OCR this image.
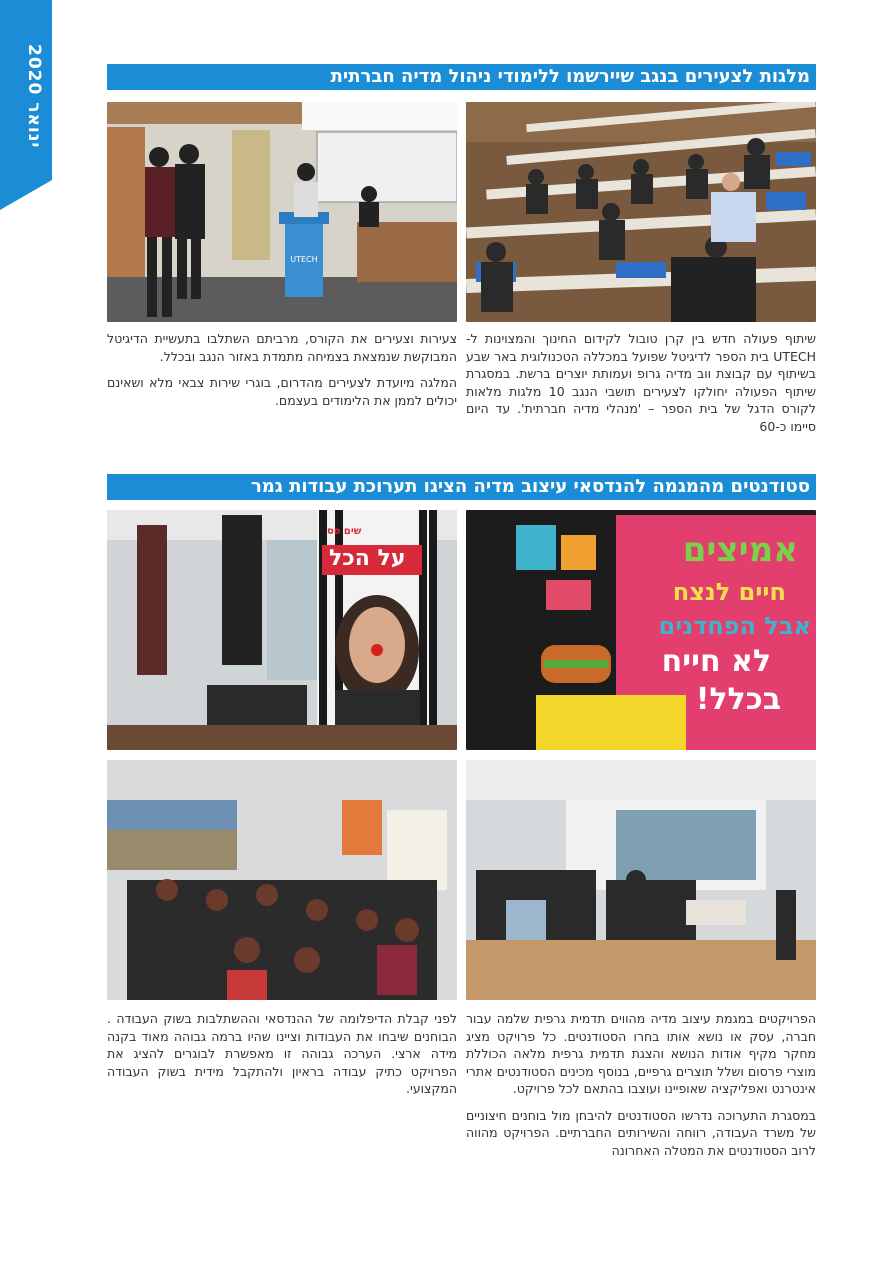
ינואר 2020
מלגות לצעירים בנגב שיירשמו ללימודי ניהול מדיה חברתית
UTECH

שיתוף פעולה חדש בין קרן טובול לקידום החינוך והמצוינות ל-UTECH בית הספר לדיגיטל שפועל במכללה הטכנולוגית באר שבע בשיתוף עם קבוצת ווב מדיה גרופ ועמותת יוצרים ברשת. במסגרת שיתוף הפעולה יחולקו לצעירים תושבי הנגב 10 מלגות מלאות לקורס הדגל של בית הספר – 'מנהלי מדיה חברתית'. עד היום סיימו כ-60

צעירות וצעירים את הקורס, מרביתם השתלבו בתעשיית הדיגיטל המבוקשת שנמצאת בצמיחה מתמדת באזור הנגב ובכלל.

המלגה מיועדת לצעירים מהדרום, בוגרי שירות צבאי מלא ושאינם יכולים לממן את הלימודים בעצמם.

סטודנטים מהמגמה להנדסאי עיצוב מדיה הציגו תערוכת עבודות גמר
אמיצים
חיים לנצח
אבל הפחדנים
לא חייח
בכלל!
שים פס
על הכל

הפרויקטים במגמת עיצוב מדיה מהווים תדמית גרפית שלמה עבור חברה, עסק או נושא אותו בחרו הסטודנטים. כל פרויקט מציג מחקר מקיף אודות הנושא והצגת תדמית גרפית מלאה הכוללת מוצרי פרסום ושלל תוצרים גרפיים, בנוסף מכינים הסטודנטים אתרי אינטרנט ואפליקציה שאופיינו ועוצבו בהתאם לכל פרויקט.

במסגרת התערוכה נדרשו הסטודנטים להיבחן מול בוחנים חיצוניים של משרד העבודה, רווחה והשירותים החברתיים. הפרויקט מהווה לרוב הסטודנטים את המטלה האחרונה

לפני קבלת הדיפלומה של ההנדסאי וההשתלבות בשוק העבודה . הבוחנים שיבחו את העבודות וציינו שהיו ברמה גבוהה מאוד בקנה מידה ארצי. הערכה גבוהה זו מאפשרת לבוגרים להציג את הפרויקט כתיק עבודה בראיון ולהתקבל מידית בשוק העבודה המקצועי.
